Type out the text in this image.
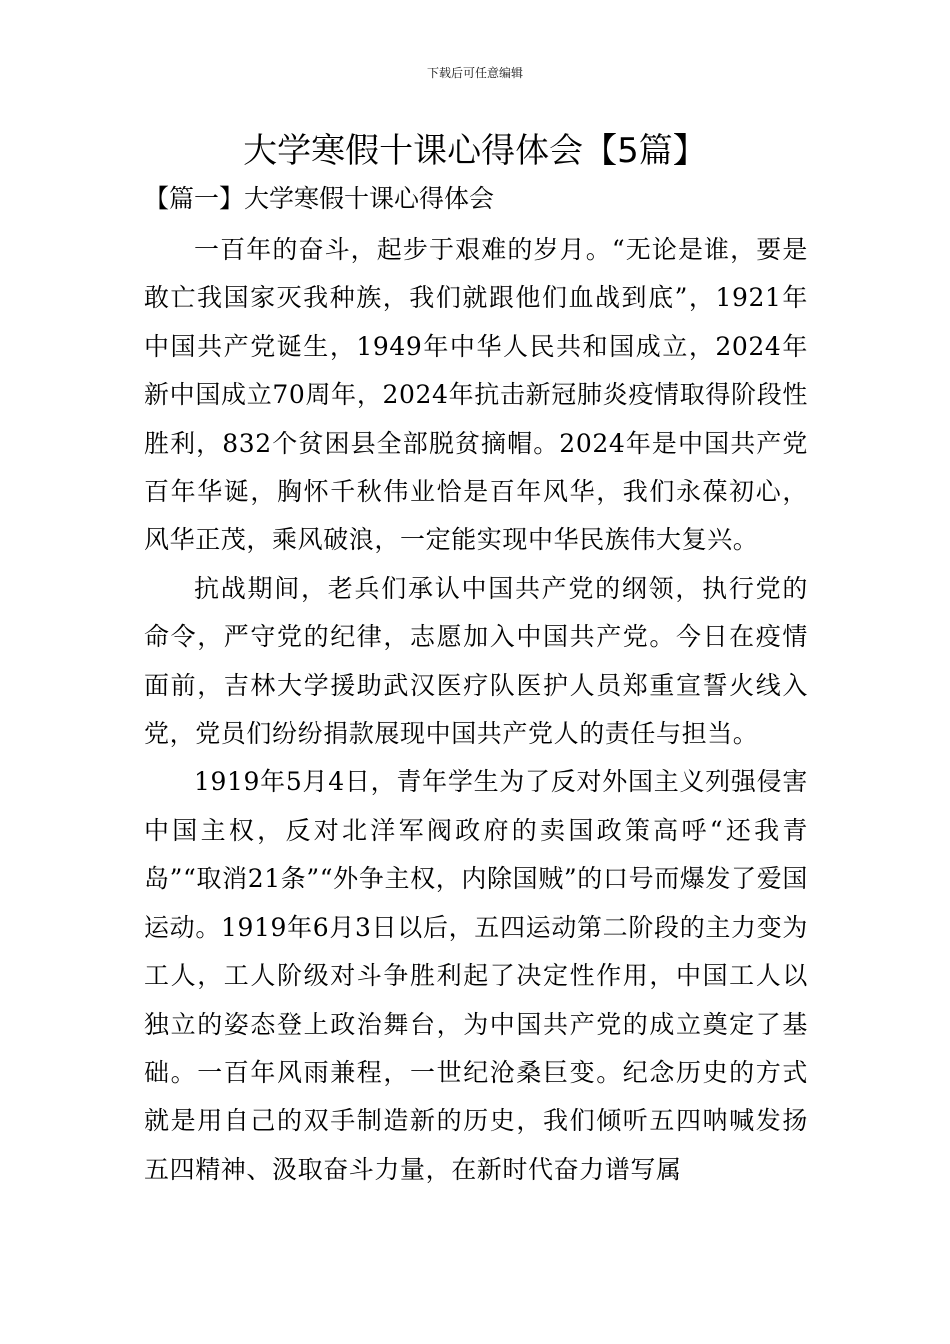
下载后可任意编辑
大学寒假十课心得体会【5篇】
【篇一】大学寒假十课心得体会

一百年的奋斗，起步于艰难的岁月。“无论是谁，要是敢亡我国家灭我种族，我们就跟他们血战到底”，1921年中国共产党诞生，1949年中华人民共和国成立，2024年新中国成立70周年，2024年抗击新冠肺炎疫情取得阶段性胜利，832个贫困县全部脱贫摘帽。2024年是中国共产党百年华诞，胸怀千秋伟业恰是百年风华，我们永葆初心，风华正茂，乘风破浪，一定能实现中华民族伟大复兴。

抗战期间，老兵们承认中国共产党的纲领，执行党的命令，严守党的纪律，志愿加入中国共产党。今日在疫情面前，吉林大学援助武汉医疗队医护人员郑重宣誓火线入党，党员们纷纷捐款展现中国共产党人的责任与担当。

1919年5月4日，青年学生为了反对外国主义列强侵害中国主权，反对北洋军阀政府的卖国政策高呼“还我青岛”“取消21条”“外争主权，内除国贼”的口号而爆发了爱国运动。1919年6月3日以后，五四运动第二阶段的主力变为工人，工人阶级对斗争胜利起了决定性作用，中国工人以独立的姿态登上政治舞台，为中国共产党的成立奠定了基础。一百年风雨兼程，一世纪沧桑巨变。纪念历史的方式就是用自己的双手制造新的历史，我们倾听五四呐喊发扬五四精神、汲取奋斗力量，在新时代奋力谱写属
